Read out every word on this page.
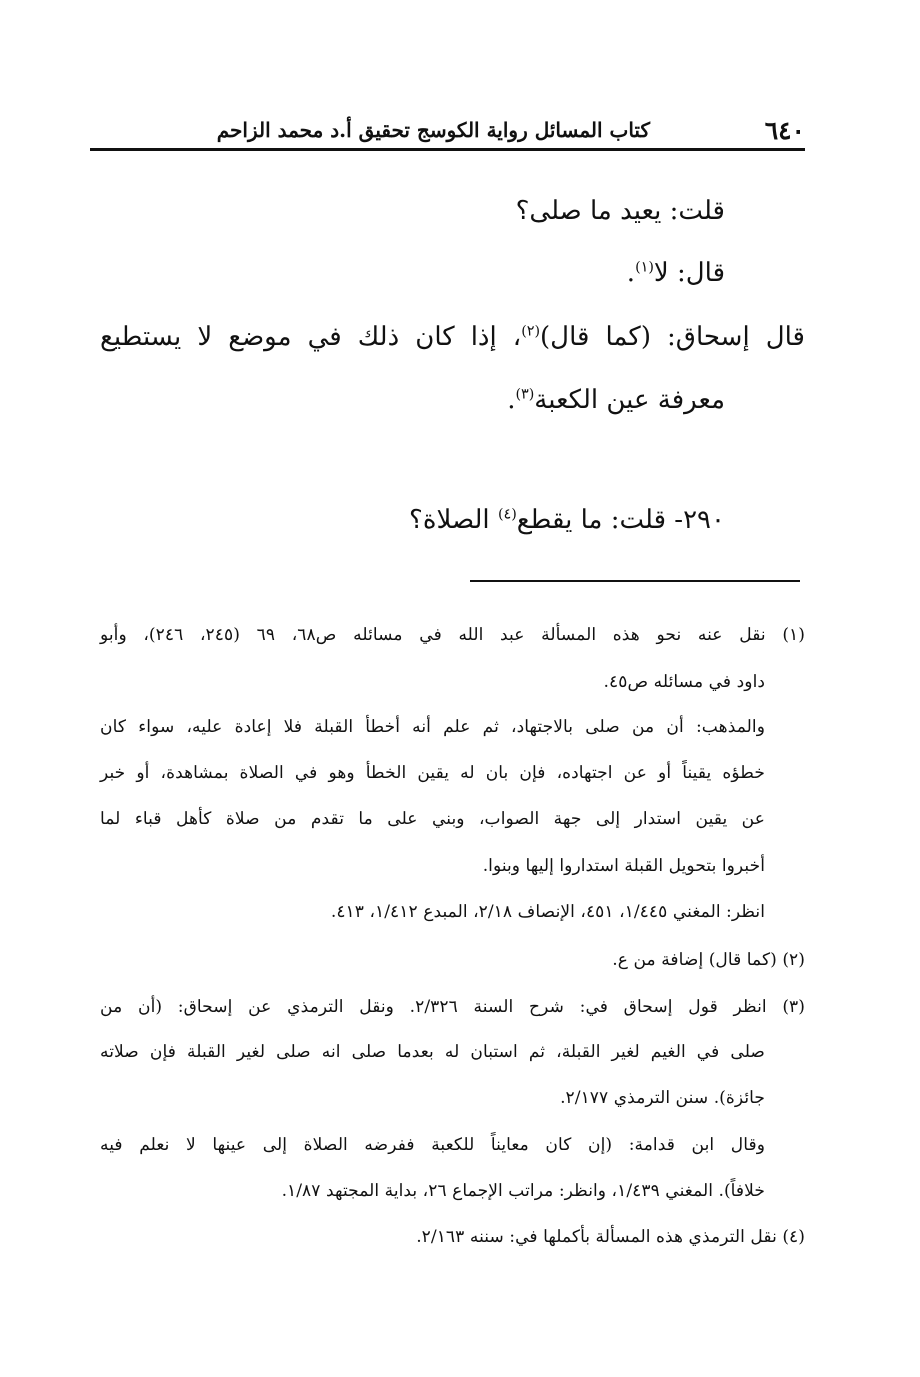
٦٤٠
كتاب المسائل رواية الكوسج تحقيق أ.د محمد الزاحم
قلت: يعيد ما صلى؟
قال: لا$^{(١)}$.
قال إسحاق: (كما قال)$^{(٢)}$، إذا كان ذلك في موضع لا يستطيع
معرفة عين الكعبة$^{(٣)}$.
٢٩٠- قلت: ما يقطع$^{(٤)}$ الصلاة؟
(١) نقل عنه نحو هذه المسألة عبد الله في مسائله ص٦٨، ٦٩ (٢٤٥، ٢٤٦)، وأبو
داود في مسائله ص٤٥.
والمذهب: أن من صلى بالاجتهاد، ثم علم أنه أخطأ القبلة فلا إعادة عليه، سواء كان
خطؤه يقيناً أو عن اجتهاده، فإن بان له يقين الخطأ وهو في الصلاة بمشاهدة، أو خبر
عن يقين استدار إلى جهة الصواب، وبني على ما تقدم من صلاة كأهل قباء لما
أخبروا بتحويل القبلة استداروا إليها وبنوا.
انظر: المغني ١/٤٤٥، ٤٥١، الإنصاف ٢/١٨، المبدع ١/٤١٢، ٤١٣.
(٢) (كما قال) إضافة من ع.
(٣) انظر قول إسحاق في: شرح السنة ٢/٣٢٦. ونقل الترمذي عن إسحاق: (أن من
صلى في الغيم لغير القبلة، ثم استبان له بعدما صلى انه صلى لغير القبلة فإن صلاته
جائزة). سنن الترمذي ٢/١٧٧.
وقال ابن قدامة: (إن كان معايناً للكعبة ففرضه الصلاة إلى عينها لا نعلم فيه
خلافاً). المغني ١/٤٣٩، وانظر: مراتب الإجماع ٢٦، بداية المجتهد ١/٨٧.
(٤) نقل الترمذي هذه المسألة بأكملها في: سننه ٢/١٦٣.
